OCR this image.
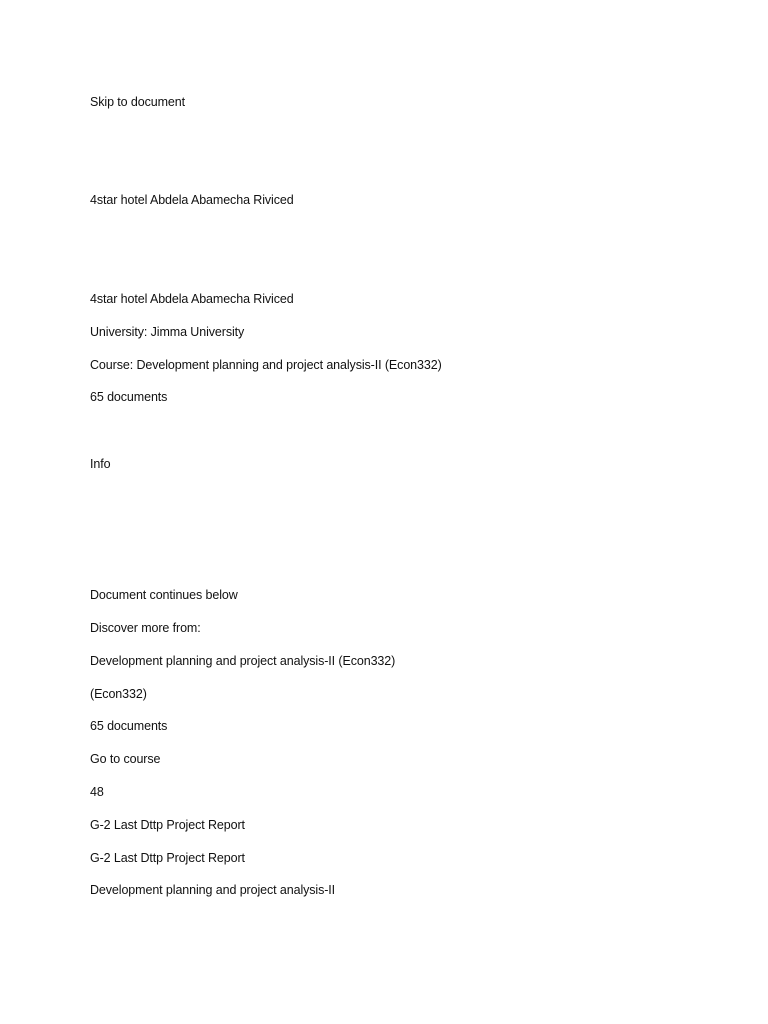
Skip to document
4star hotel Abdela Abamecha Riviced
4star hotel Abdela Abamecha Riviced
University: Jimma University
Course: Development planning and project analysis-II (Econ332)
65 documents
Info
Document continues below
Discover more from:
Development planning and project analysis-II (Econ332)
(Econ332)
65 documents
Go to course
48
G-2 Last Dttp Project Report
G-2 Last Dttp Project Report
Development planning and project analysis-II
